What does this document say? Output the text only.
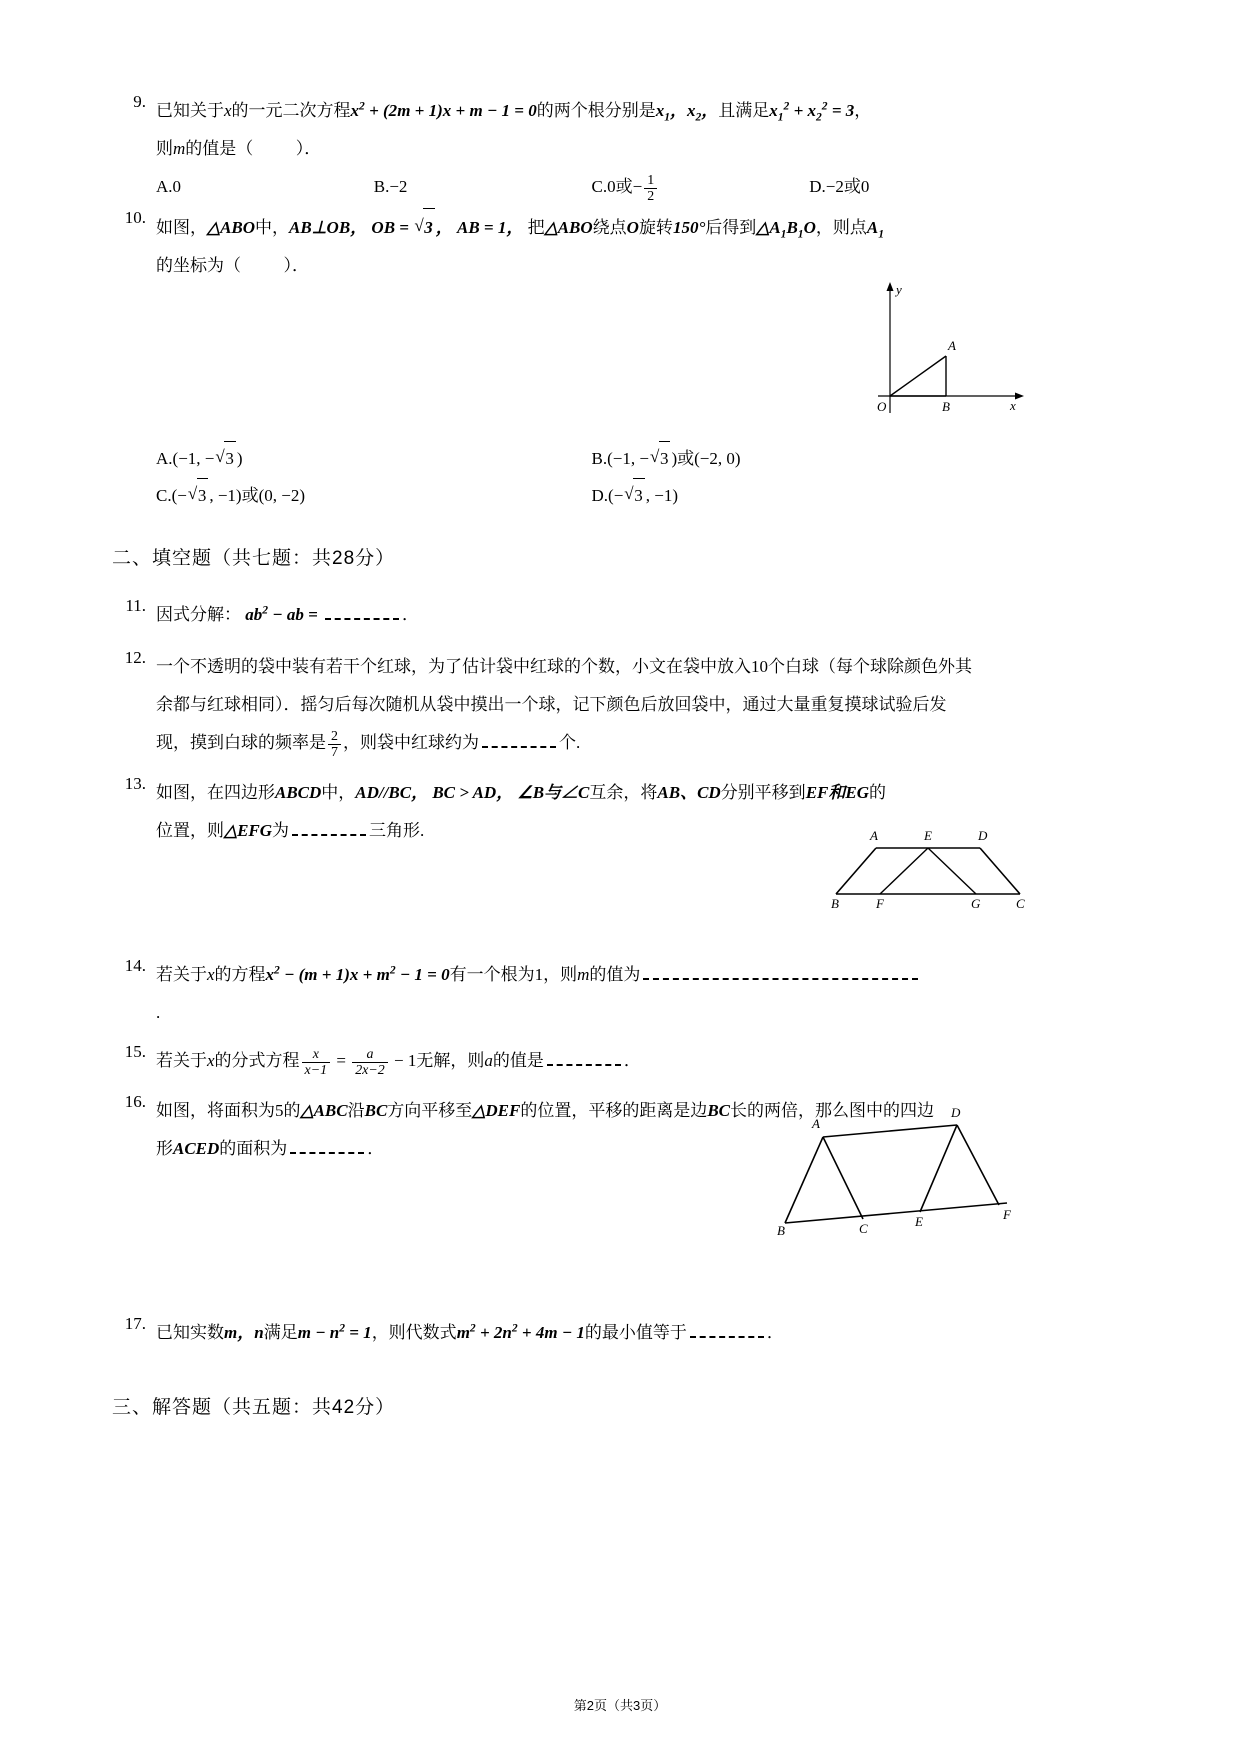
9. 已知关于x的一元二次方程$x^2 + (2m + 1)x + m - 1 = 0$的两个根分别是$x_1$，$x_2$，且满足$x_1^2 + x_2^2 = 3$，
则m的值是（          ）．
A.0	B.−2	C.0或− $\frac{1}{2}$	D.−2或0
10.
如图，△ABO中，AB⊥OB， OB = √ 3 ， AB = 1， 把△ABO绕点O旋转150°后得到$\triangle A_1B_1O$，则点$A_1$
的坐标为（          ）．
A.(−1, − √ 3 )	B.(−1, − √ 3 )或(−2, 0)
C.(− √ 3 , −1)或(0, −2)	D.(− √ 3 , −1)
二、填空题（共七题：共28分）
11. 因式分解： $ab^2$ − ab =	．
12. 一个不透明的袋中装有若干个红球，为了估计袋中红球的个数，小文在袋中放入10个白球（每个球除颜色外其
余都与红球相同）．摇匀后每次随机从袋中摸出一个球，记下颜色后放回袋中，通过大量重复摸球试验后发
现，摸到白球的频率是 $\frac{2}{7}$ ，则袋中红球约为	个.
13. 如图，在四边形ABCD中，AD//BC， BC > AD， ∠B与∠C互余，将AB、CD分别平移到EF和EG的
位置，则△EFG为	三角形.
14. 若关于x的方程$x^2 - (m + 1)x + m^2 - 1 = 0$有一个根为1，则m的值为
.
15. 若关于x的分式方程 $\frac{x}{x-1} = \frac{a}{2x-2} - 1$无解，则a的值是	．
16. 如图，将面积为5的△ABC沿BC方向平移至△DEF的位置，平移的距离是边BC长的两倍，那么图中的四边
形ACED的面积为	．
17. 已知实数m，n满足$m - n^2 = 1$，则代数式$m^2 + 2n^2 + 4m - 1$的最小值等于	．
三、解答题（共五题：共42分）
y
x
O	B
A
A	E	D
B	F	G	C
A
D
B	C	E	F
第2页（共3页）
